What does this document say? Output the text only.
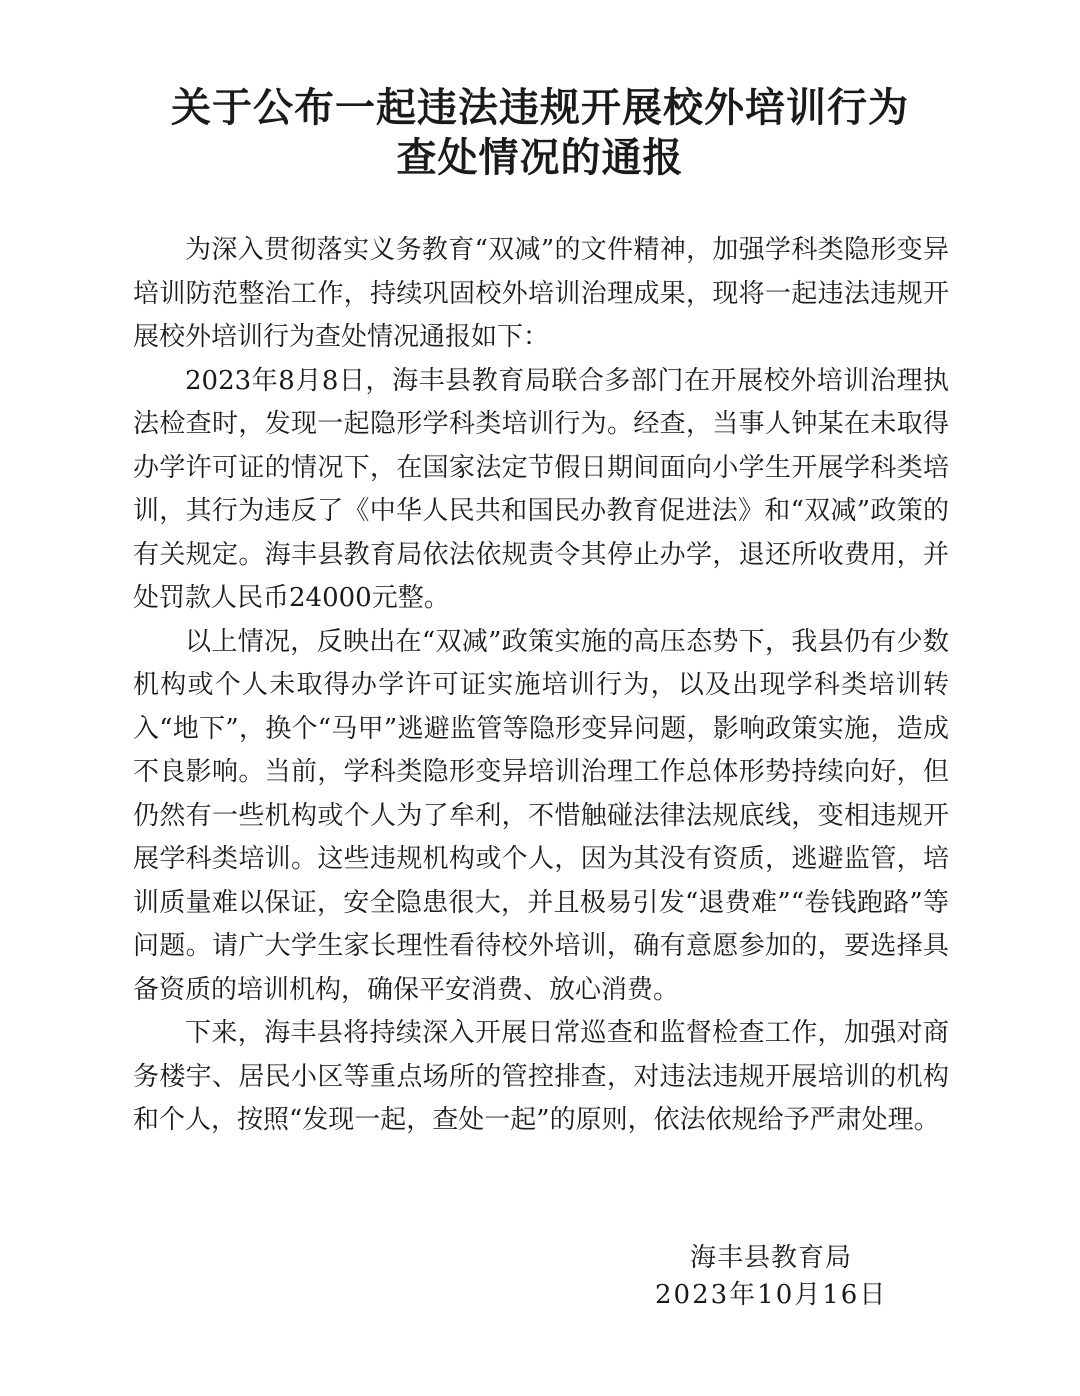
关于公布一起违法违规开展校外培训行为
查处情况的通报

为深入贯彻落实义务教育“双减”的文件精神，加强学科类隐形变异培训防范整治工作，持续巩固校外培训治理成果，现将一起违法违规开展校外培训行为查处情况通报如下：

2023年8月8日，海丰县教育局联合多部门在开展校外培训治理执法检查时，发现一起隐形学科类培训行为。经查，当事人钟某在未取得办学许可证的情况下，在国家法定节假日期间面向小学生开展学科类培训，其行为违反了《中华人民共和国民办教育促进法》和“双减”政策的有关规定。海丰县教育局依法依规责令其停止办学，退还所收费用，并处罚款人民币24000元整。

以上情况，反映出在“双减”政策实施的高压态势下，我县仍有少数机构或个人未取得办学许可证实施培训行为，以及出现学科类培训转入“地下”，换个“马甲”逃避监管等隐形变异问题，影响政策实施，造成不良影响。当前，学科类隐形变异培训治理工作总体形势持续向好，但仍然有一些机构或个人为了牟利，不惜触碰法律法规底线，变相违规开展学科类培训。这些违规机构或个人，因为其没有资质，逃避监管，培训质量难以保证，安全隐患很大，并且极易引发“退费难”“卷钱跑路”等问题。请广大学生家长理性看待校外培训，确有意愿参加的，要选择具备资质的培训机构，确保平安消费、放心消费。

下来，海丰县将持续深入开展日常巡查和监督检查工作，加强对商务楼宇、居民小区等重点场所的管控排查，对违法违规开展培训的机构和个人，按照“发现一起，查处一起”的原则，依法依规给予严肃处理。

海丰县教育局
2023年10月16日
